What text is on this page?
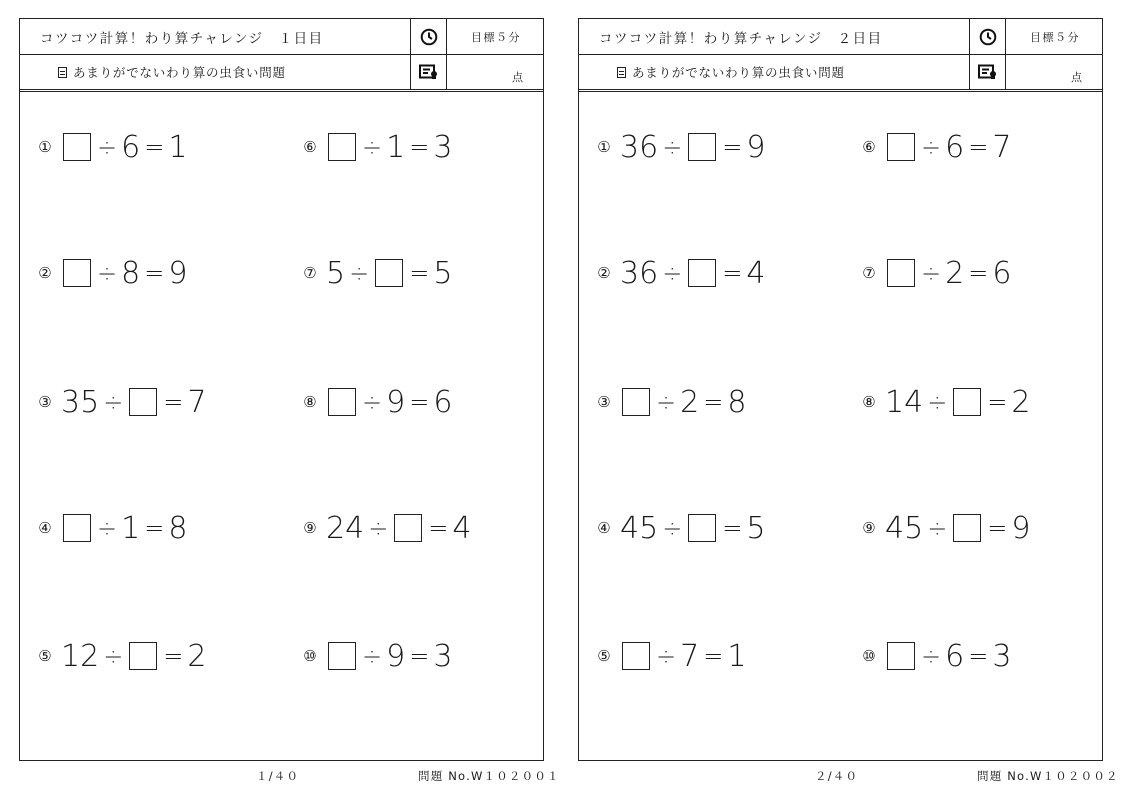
コツコツ計算！わり算チャレンジ　１日目	目標５分
あまりがでないわり算の虫食い問題	点
① ÷ 6 = 1
② ÷ 8 = 9
③ 35 ÷ = 7
④ ÷ 1 = 8
⑤ 12 ÷ = 2
⑥ ÷ 1 = 3
⑦ 5 ÷ = 5
⑧ ÷ 9 = 6
⑨ 24 ÷ = 4
⑩ ÷ 9 = 3
１/４０	問題 No.W１０２００１
コツコツ計算！わり算チャレンジ　２日目	目標５分
あまりがでないわり算の虫食い問題	点
① 36 ÷ = 9
② 36 ÷ = 4
③ ÷ 2 = 8
④ 45 ÷ = 5
⑤ ÷ 7 = 1
⑥ ÷ 6 = 7
⑦ ÷ 2 = 6
⑧ 14 ÷ = 2
⑨ 45 ÷ = 9
⑩ ÷ 6 = 3
２/４０	問題 No.W１０２００２
